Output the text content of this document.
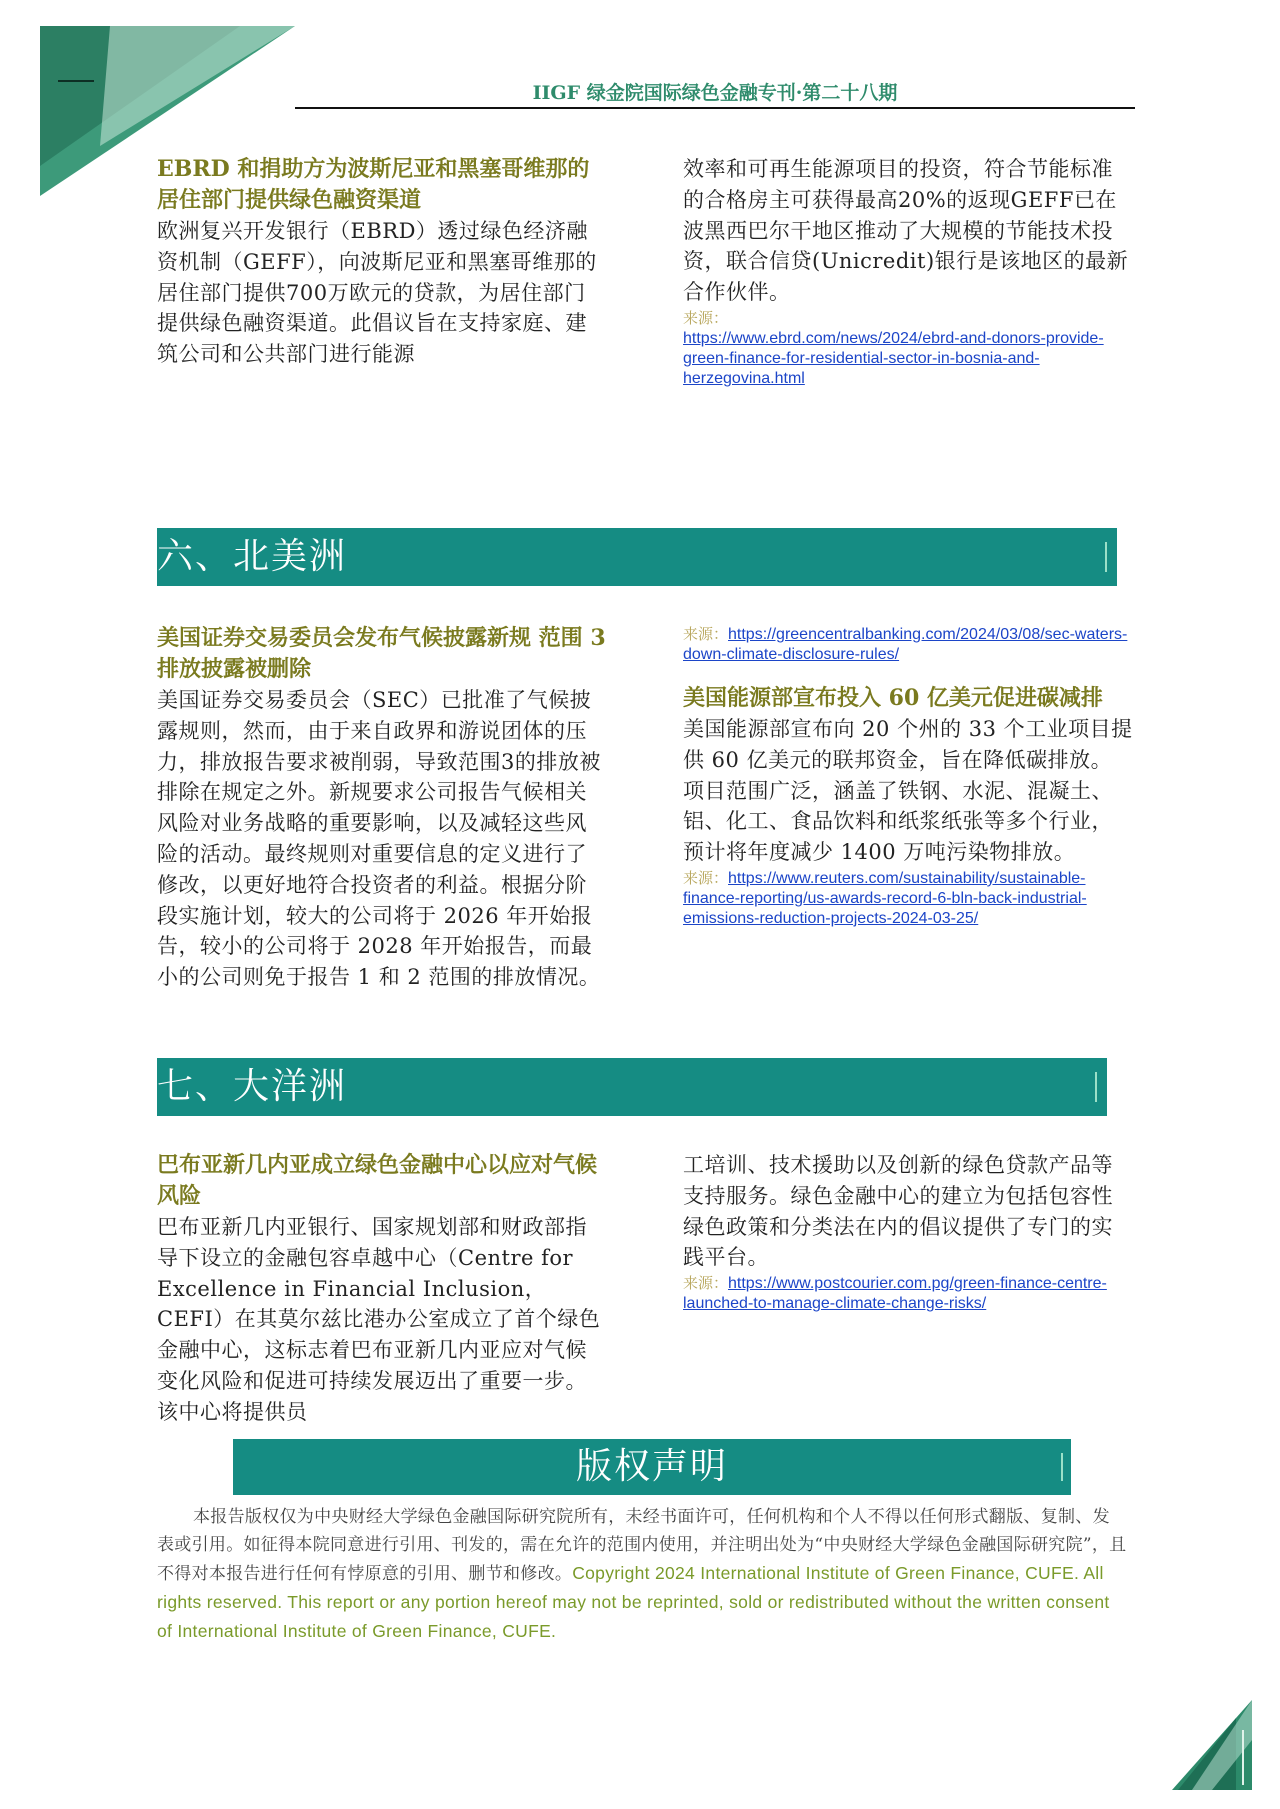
IIGF 绿金院国际绿色金融专刊·第二十八期

EBRD 和捐助方为波斯尼亚和黑塞哥维那的居住部门提供绿色融资渠道

欧洲复兴开发银行（EBRD）透过绿色经济融资机制（GEFF），向波斯尼亚和黑塞哥维那的居住部门提供700万欧元的贷款，为居住部门提供绿色融资渠道。此倡议旨在支持家庭、建筑公司和公共部门进行能源

效率和可再生能源项目的投资，符合节能标准的合格房主可获得最高20%的返现GEFF已在波黑西巴尔干地区推动了大规模的节能技术投资，联合信贷(Unicredit)银行是该地区的最新合作伙伴。

来源：
https://www.ebrd.com/news/2024/ebrd-and-donors-provide-green-finance-for-residential-sector-in-bosnia-and-herzegovina.html

六、北美洲

美国证券交易委员会发布气候披露新规 范围 3 排放披露被删除

美国证券交易委员会（SEC）已批准了气候披露规则，然而，由于来自政界和游说团体的压力，排放报告要求被削弱，导致范围3的排放被排除在规定之外。新规要求公司报告气候相关风险对业务战略的重要影响，以及减轻这些风险的活动。最终规则对重要信息的定义进行了修改，以更好地符合投资者的利益。根据分阶段实施计划，较大的公司将于 2026 年开始报告，较小的公司将于 2028 年开始报告，而最小的公司则免于报告 1 和 2 范围的排放情况。

来源：https://greencentralbanking.com/2024/03/08/sec-waters-down-climate-disclosure-rules/

美国能源部宣布投入 60 亿美元促进碳减排

美国能源部宣布向 20 个州的 33 个工业项目提供 60 亿美元的联邦资金，旨在降低碳排放。项目范围广泛，涵盖了铁钢、水泥、混凝土、铝、化工、食品饮料和纸浆纸张等多个行业，预计将年度减少 1400 万吨污染物排放。

来源：https://www.reuters.com/sustainability/sustainable-finance-reporting/us-awards-record-6-bln-back-industrial-emissions-reduction-projects-2024-03-25/

七、大洋洲

巴布亚新几内亚成立绿色金融中心以应对气候风险

巴布亚新几内亚银行、国家规划部和财政部指导下设立的金融包容卓越中心（Centre for Excellence in Financial Inclusion，CEFI）在其莫尔兹比港办公室成立了首个绿色金融中心，这标志着巴布亚新几内亚应对气候变化风险和促进可持续发展迈出了重要一步。该中心将提供员

工培训、技术援助以及创新的绿色贷款产品等支持服务。绿色金融中心的建立为包括包容性绿色政策和分类法在内的倡议提供了专门的实践平台。

来源：https://www.postcourier.com.pg/green-finance-centre-launched-to-manage-climate-change-risks/

版权声明

本报告版权仅为中央财经大学绿色金融国际研究院所有，未经书面许可，任何机构和个人不得以任何形式翻版、复制、发表或引用。如征得本院同意进行引用、刊发的，需在允许的范围内使用，并注明出处为“中央财经大学绿色金融国际研究院”，且不得对本报告进行任何有悖原意的引用、删节和修改。Copyright 2024 International Institute of Green Finance, CUFE. All rights reserved. This report or any portion hereof may not be reprinted, sold or redistributed without the written consent of International Institute of Green Finance, CUFE.
